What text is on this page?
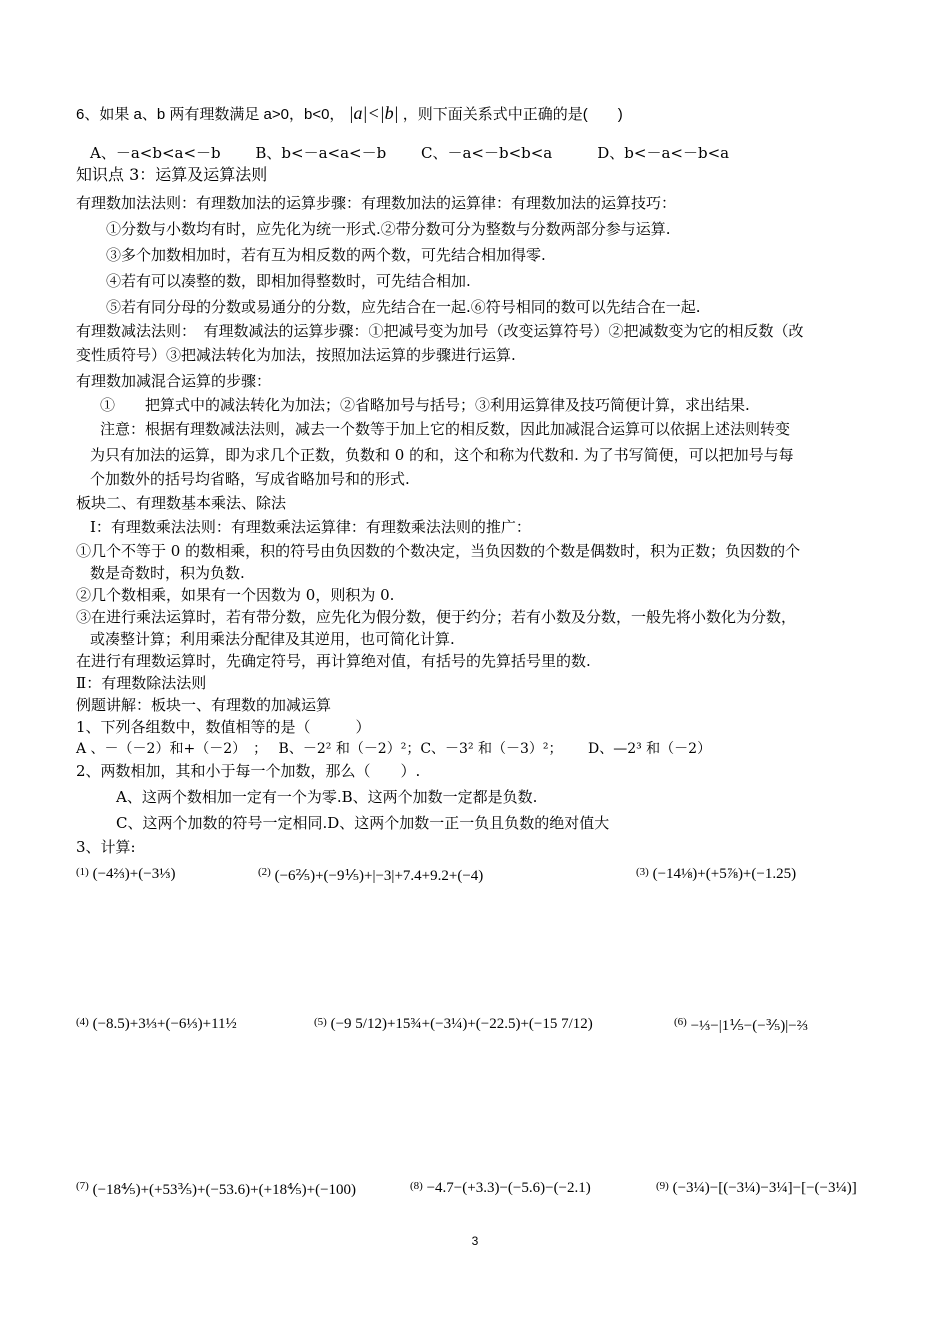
6、如果 a、b 两有理数满足 a>0，b<0， |a|<|b| ，则下面关系式中正确的是(　　)
A、－a<b<a<－b　　 B、b<－a<a<－b　　 C、－a<－b<b<a　　　D、b<－a<－b<a
知识点 3：运算及运算法则
有理数加法法则：有理数加法的运算步骤：有理数加法的运算律：有理数加法的运算技巧：
①分数与小数均有时，应先化为统一形式.②带分数可分为整数与分数两部分参与运算.
③多个加数相加时，若有互为相反数的两个数，可先结合相加得零.
④若有可以凑整的数，即相加得整数时，可先结合相加.
⑤若有同分母的分数或易通分的分数，应先结合在一起.⑥符号相同的数可以先结合在一起.
有理数减法法则：　有理数减法的运算步骤：①把减号变为加号（改变运算符号）②把减数变为它的相反数（改
变性质符号）③把减法转化为加法，按照加法运算的步骤进行运算.
有理数加减混合运算的步骤：
①　　把算式中的减法转化为加法；②省略加号与括号；③利用运算律及技巧简便计算，求出结果.
注意：根据有理数减法法则，减去一个数等于加上它的相反数，因此加减混合运算可以依据上述法则转变
为只有加法的运算，即为求几个正数，负数和 0 的和，这个和称为代数和. 为了书写简便，可以把加号与每
个加数外的括号均省略，写成省略加号和的形式.
板块二、有理数基本乘法、除法
Ⅰ：有理数乘法法则：有理数乘法运算律：有理数乘法法则的推广：
①几个不等于 0 的数相乘，积的符号由负因数的个数决定，当负因数的个数是偶数时，积为正数；负因数的个
数是奇数时，积为负数.
②几个数相乘，如果有一个因数为 0，则积为 0.
③在进行乘法运算时，若有带分数，应先化为假分数，便于约分；若有小数及分数，一般先将小数化为分数，
或凑整计算；利用乘法分配律及其逆用，也可简化计算.
在进行有理数运算时，先确定符号，再计算绝对值，有括号的先算括号里的数.
Ⅱ：有理数除法法则
例题讲解：板块一、有理数的加减运算
1、下列各组数中，数值相等的是（　　　）
A 、－（－2）和+（－2）　；　 B、－2² 和（－2）²；C、－3² 和（－3）²；　　 D、—2³ 和（－2）
2、两数相加，其和小于每一个加数，那么（　　）.
A、这两个数相加一定有一个为零.B、这两个加数一定都是负数.
C、这两个加数的符号一定相同.D、这两个加数一正一负且负数的绝对值大
3、计算:
$^{(1)}$ (−4⅔)+(−3⅓)	$^{(2)}$ (−6⅖)+(−9⅕)+|−3|+7.4+9.2+(−4)	$^{(3)}$ (−14⅛)+(+5⅞)+(−1.25)
$^{(4)}$ (−8.5)+3⅓+(−6⅓)+11½	$^{(5)}$ (−9 5/12)+15¾+(−3¼)+(−22.5)+(−15 7/12)	$^{(6)}$ −⅓−|1⅕−(−⅗)|−⅔
$^{(7)}$ (−18⅘)+(+53⅗)+(−53.6)+(+18⅘)+(−100)	$^{(8)}$ −4.7−(+3.3)−(−5.6)−(−2.1)	$^{(9)}$ (−3¼)−[(−3¼)−3¼]−[−(−3¼)]
3
